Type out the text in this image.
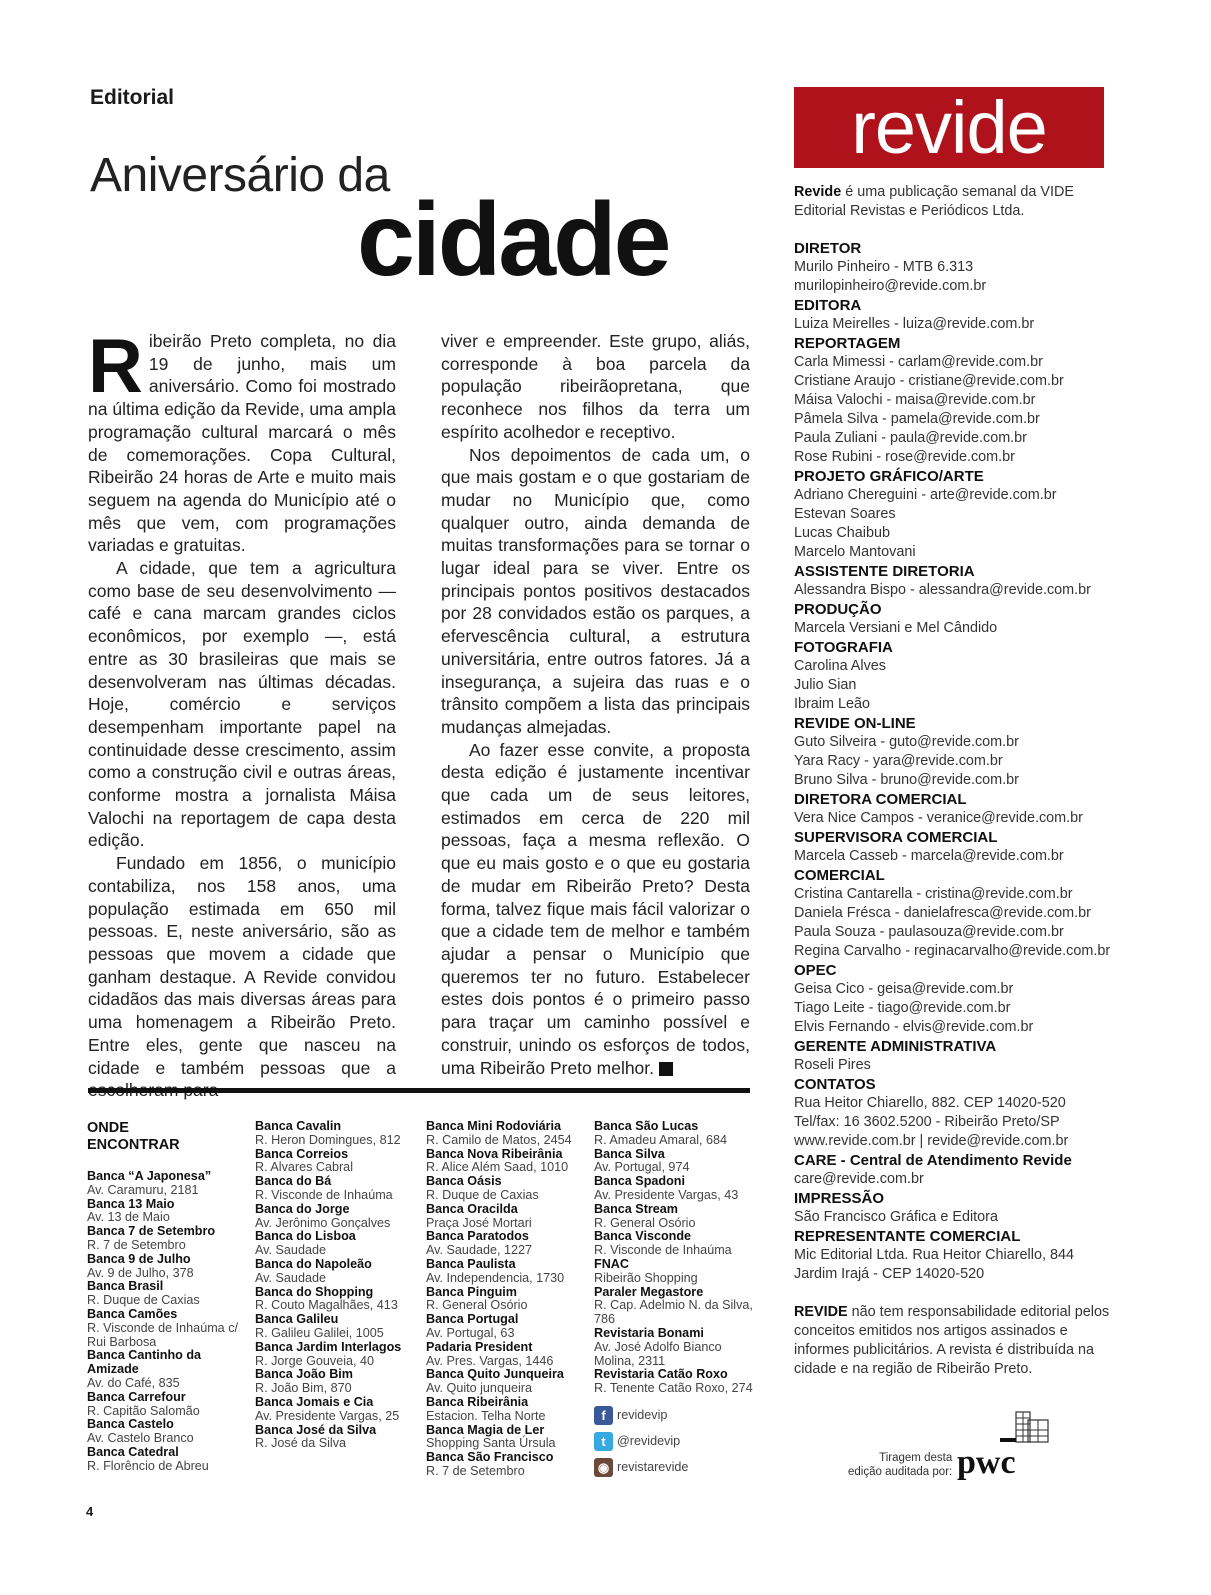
Editorial
Aniversário da
cidade

Ribeirão Preto completa, no dia 19 de junho, mais um aniversário. Como foi mostrado na última edição da Revide, uma ampla programação cultural marcará o mês de comemorações. Copa Cultural, Ribeirão 24 horas de Arte e muito mais seguem na agenda do Município até o mês que vem, com programações variadas e gratuitas.

A cidade, que tem a agricultura como base de seu desenvolvimento — café e cana marcam grandes ciclos econômicos, por exemplo —, está entre as 30 brasileiras que mais se desenvolveram nas últimas décadas. Hoje, comércio e serviços desempenham importante papel na continuidade desse crescimento, assim como a construção civil e outras áreas, conforme mostra a jornalista Máisa Valochi na reportagem de capa desta edição.

Fundado em 1856, o município contabiliza, nos 158 anos, uma população estimada em 650 mil pessoas. E, neste aniversário, são as pessoas que movem a cidade que ganham destaque. A Revide convidou cidadãos das mais diversas áreas para uma homenagem a Ribeirão Preto. Entre eles, gente que nasceu na cidade e também pessoas que a

viver e empreender. Este grupo, aliás, corresponde à boa parcela da população ribeirãopretana, que reconhece nos filhos da terra um espírito acolhedor e receptivo.

Nos depoimentos de cada um, o que mais gostam e o que gostariam de mudar no Município que, como qualquer outro, ainda demanda de muitas transformações para se tornar o lugar ideal para se viver. Entre os principais pontos positivos destacados por 28 convidados estão os parques, a efervescência cultural, a estrutura universitária, entre outros fatores. Já a insegurança, a sujeira das ruas e o trânsito compõem a lista das principais mudanças almejadas.

Ao fazer esse convite, a proposta desta edição é justamente incentivar que cada um de seus leitores, estimados em cerca de 220 mil pessoas, faça a mesma reflexão. O que eu mais gosto e o que eu gostaria de mudar em Ribeirão Preto? Desta forma, talvez fique mais fácil valorizar o que a cidade tem de melhor e também ajudar a pensar o Município que queremos ter no futuro. Estabelecer estes dois pontos é o primeiro passo para traçar um caminho possível e construir, unindo os esforços de todos, uma Ribeirão Preto melhor.	r

ONDE ENCONTRAR
Banca “A Japonesa”
Av. Caramuru, 2181
Banca 13 Maio
Av. 13 de Maio
Banca 7 de Setembro
R. 7 de Setembro
Banca 9 de Julho
Av. 9 de Julho, 378
Banca Brasil
R. Duque de Caxias
Banca Camões
R. Visconde de Inhaúma c/ Rui Barbosa
Banca Cantinho da Amizade
Av. do Café, 835
Banca Carrefour
R. Capitão Salomão
Banca Castelo
Av. Castelo Branco
Banca Catedral
R. Florêncio de Abreu
Banca Cavalin
R. Heron Domingues, 812
Banca Correios
R. Alvares Cabral
Banca do Bá
R. Visconde de Inhaúma
Banca do Jorge
Av. Jerônimo Gonçalves
Banca do Lisboa
Av. Saudade
Banca do Napoleão
Av. Saudade
Banca do Shopping
R. Couto Magalhães, 413
Banca Galileu
R. Galileu Galilei, 1005
Banca Jardim Interlagos
R. Jorge Gouveia, 40
Banca João Bim
R. João Bim, 870
Banca Jomais e Cia
Av. Presidente Vargas, 25
Banca José da Silva
R. José da Silva
Banca Mini Rodoviária
R. Camilo de Matos, 2454
Banca Nova Ribeirânia
R. Alice Além Saad, 1010
Banca Oásis
R. Duque de Caxias
Banca Oracilda
Praça José Mortari
Banca Paratodos
Av. Saudade, 1227
Banca Paulista
Av. Independencia, 1730
Banca Pinguim
R. General Osório
Banca Portugal
Av. Portugal, 63
Padaria President
Av. Pres. Vargas, 1446
Banca Quito Junqueira
Av. Quito junqueira
Banca Ribeirânia
Estacion. Telha Norte
Banca Magia de Ler
Shopping Santa Úrsula
Banca São Francisco
R. 7 de Setembro
Banca São Lucas
R. Amadeu Amaral, 684
Banca Silva
Av. Portugal, 974
Banca Spadoni
Av. Presidente Vargas, 43
Banca Stream
R. General Osório
Banca Visconde
R. Visconde de Inhaúma
FNAC
Ribeirão Shopping
Paraler Megastore
R. Cap. Adelmio N. da Silva, 786
Revistaria Bonami
Av. José Adolfo Bianco Molina, 2311
Revistaria Catão Roxo
R. Tenente Catão Roxo, 274
f revidevip
t @revidevip
◉ revistarevide
revide
Revide é uma publicação semanal da VIDE Editorial Revistas e Periódicos Ltda.
DIRETOR
Murilo Pinheiro - MTB 6.313
murilopinheiro@revide.com.br
EDITORA
Luiza Meirelles - luiza@revide.com.br
REPORTAGEM
Carla Mimessi - carlam@revide.com.br
Cristiane Araujo - cristiane@revide.com.br
Máisa Valochi - maisa@revide.com.br
Pâmela Silva - pamela@revide.com.br
Paula Zuliani - paula@revide.com.br
Rose Rubini - rose@revide.com.br
PROJETO GRÁFICO/ARTE
Adriano Chereguini - arte@revide.com.br
Estevan Soares
Lucas Chaibub
Marcelo Mantovani
ASSISTENTE DIRETORIA
Alessandra Bispo - alessandra@revide.com.br
PRODUÇÃO
Marcela Versiani e Mel Cândido
FOTOGRAFIA
Carolina Alves
Julio Sian
Ibraim Leão
REVIDE ON-LINE
Guto Silveira - guto@revide.com.br
Yara Racy - yara@revide.com.br
Bruno Silva - bruno@revide.com.br
DIRETORA COMERCIAL
Vera Nice Campos - veranice@revide.com.br
SUPERVISORA COMERCIAL
Marcela Casseb - marcela@revide.com.br
COMERCIAL
Cristina Cantarella - cristina@revide.com.br
Daniela Frésca - danielafresca@revide.com.br
Paula Souza - paulasouza@revide.com.br
Regina Carvalho - reginacarvalho@revide.com.br
OPEC
Geisa Cico - geisa@revide.com.br
Tiago Leite - tiago@revide.com.br
Elvis Fernando - elvis@revide.com.br
GERENTE ADMINISTRATIVA
Roseli Pires
CONTATOS
Rua Heitor Chiarello, 882. CEP 14020-520
Tel/fax: 16 3602.5200 - Ribeirão Preto/SP
www.revide.com.br | revide@revide.com.br
CARE - Central de Atendimento Revide
care@revide.com.br
IMPRESSÃO
São Francisco Gráfica e Editora
REPRESENTANTE COMERCIAL
Mic Editorial Ltda. Rua Heitor Chiarello, 844
Jardim Irajá - CEP 14020-520
REVIDE não tem responsabilidade editorial pelos conceitos emitidos nos artigos assinados e informes publicitários. A revista é distribuída na cidade e na região de Ribeirão Preto.
Tiragem desta
edição auditada por: pwc
4
